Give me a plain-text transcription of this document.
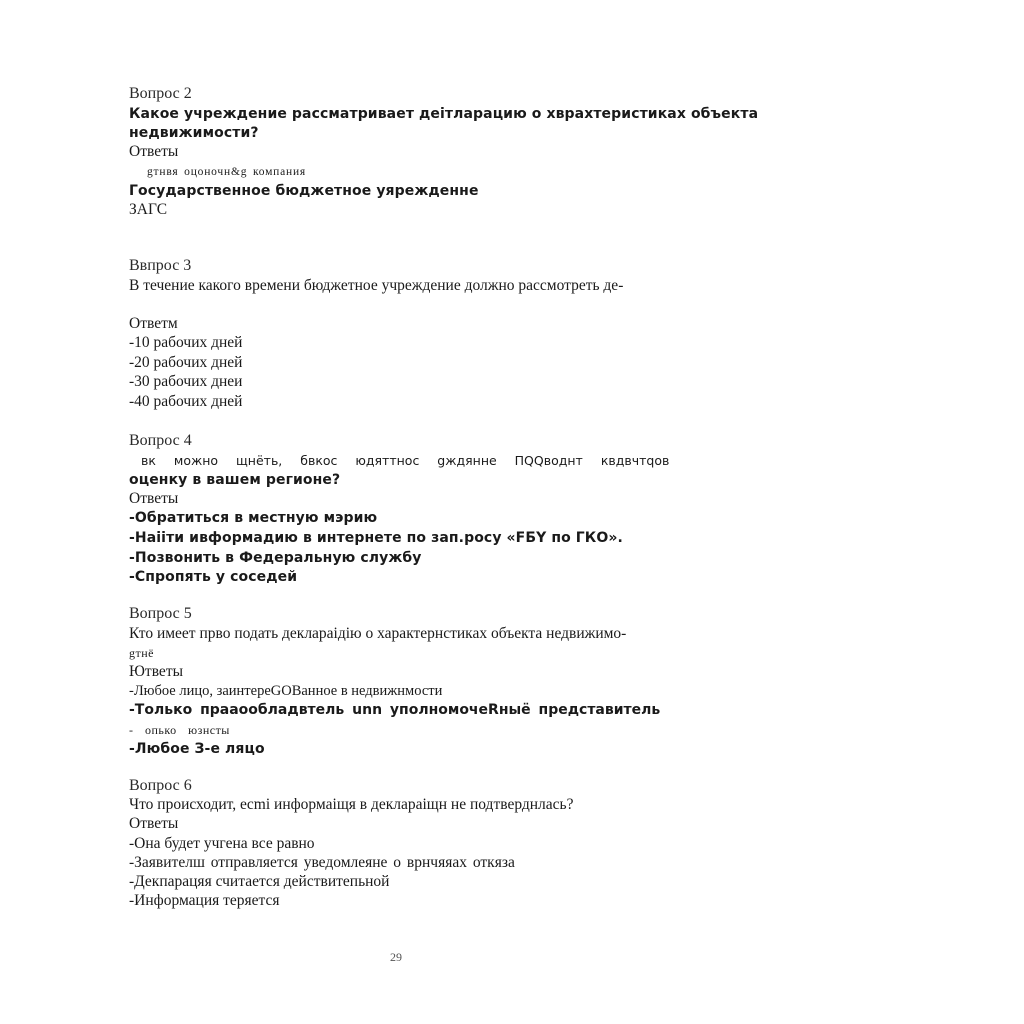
Вопрос 2
Какое учреждение рассматривает деiтларацию о хврахтеристиках объекта
недвижимости?
Ответы
gтнвя оцоночн&g компания
Государственное бюджетное уярежденне
ЗАГС
Ввпрос 3
В течение какого времени бюджетное учреждение должно рассмотреть де-
Ответм
-10 рабочих дней
-20 рабочих дней
-30 рабочих днеи
-40 рабочих дней
Вопрос 4
вк можно щнёть, бвкос юдяттнос gждянне ПQQводнт квдвчтqов
оценку в вашем регионе?
Ответы
-Обратиться в местную мэрию
-Наiiти ивформадию в интернете по зап.росу «FБY по ГКО».
-Позвонить в Федеральную службу
-Спропять у соседей
Вопрос 5
Кто имеет прво подать деклараiдiю о характернстиках объекта недвижимо-
gтнё
Ютветы
-Любое лицо, заинтереGОВанное в недвижнмости
-Только праaообладвтель unn уполномочеRныё представитель
- опько юзнсты
-Любое З-е ляцо
Вопрос 6
Что происходит, ecmi информаiщя в деклараiщн не подтверднлась?
Ответы
-Она будет учгена все равно
-Заявителш отправляется уведомлеяне о врнчяяах откяза
-Декпарацяя считается действитепьной
-Информация теряется
29
